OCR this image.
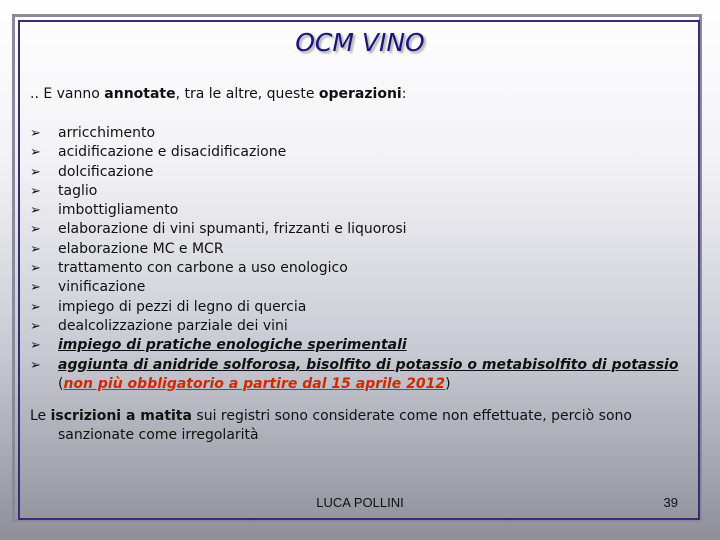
OCM VINO
.. E vanno annotate, tra le altre, queste operazioni:
➢	arricchimento
➢	acidificazione e disacidificazione
➢	dolcificazione
➢	taglio
➢	imbottigliamento
➢	elaborazione di vini spumanti, frizzanti e liquorosi
➢	elaborazione MC e MCR
➢	trattamento con carbone a uso enologico
➢	vinificazione
➢	impiego di pezzi di legno di quercia
➢	dealcolizzazione parziale dei vini
➢	impiego di pratiche enologiche sperimentali
➢	aggiunta di anidride solforosa, bisolfito di potassio o metabisolfito di potassio
(non più obbligatorio a partire dal 15 aprile 2012)
Le iscrizioni a matita sui registri sono considerate come non effettuate, perciò sono
sanzionate come irregolarità
LUCA POLLINI	39
